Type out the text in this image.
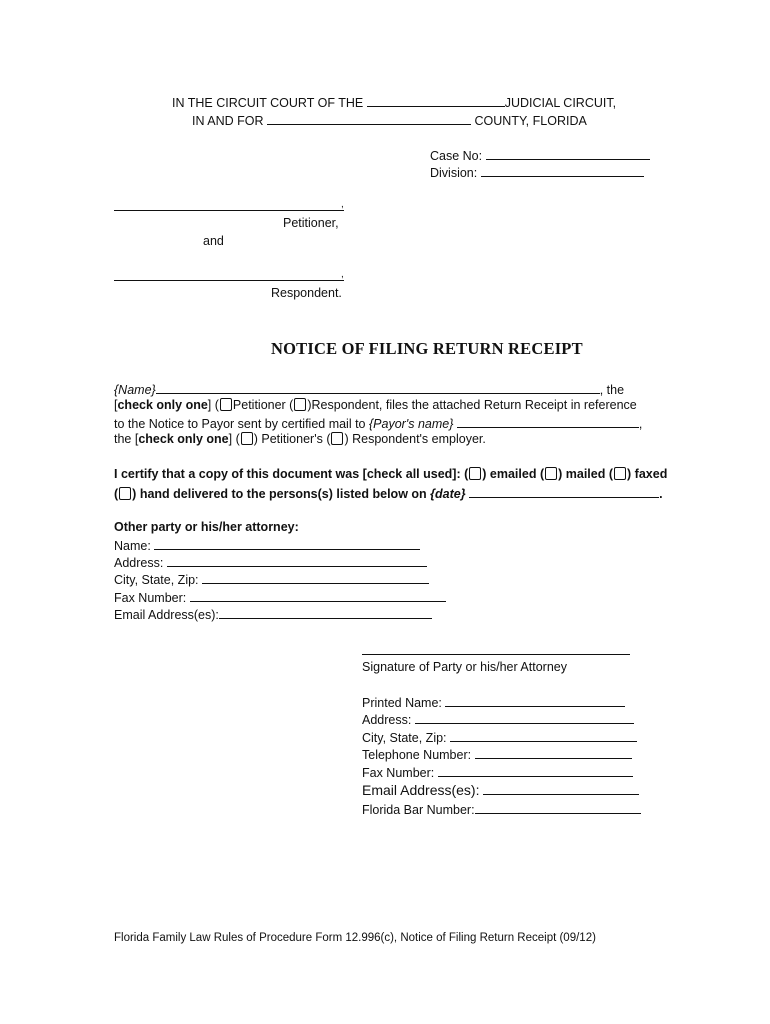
IN THE CIRCUIT COURT OF THE	JUDICIAL CIRCUIT,
IN AND FOR	COUNTY, FLORIDA
Case No:
Division:
,
Petitioner,
and
,
Respondent.
NOTICE OF FILING RETURN RECEIPT
{Name}	, the
[check only one] ( Petitioner ( )Respondent, files the attached Return Receipt in reference
to the Notice to Payor sent by certified mail to {Payor's name}	,
the [check only one] ( ) Petitioner's ( ) Respondent's employer.
I certify that a copy of this document was [check all used]: ( ) emailed ( ) mailed ( ) faxed
( ) hand delivered to the persons(s) listed below on {date}	.
Other party or his/her attorney:
Name:
Address:
City, State, Zip:
Fax Number:
Email Address(es):
Signature of Party or his/her Attorney
Printed Name:
Address:
City, State, Zip:
Telephone Number:
Fax Number:
Email Address(es):
Florida Bar Number:
Florida Family Law Rules of Procedure Form 12.996(c), Notice of Filing Return Receipt (09/12)
